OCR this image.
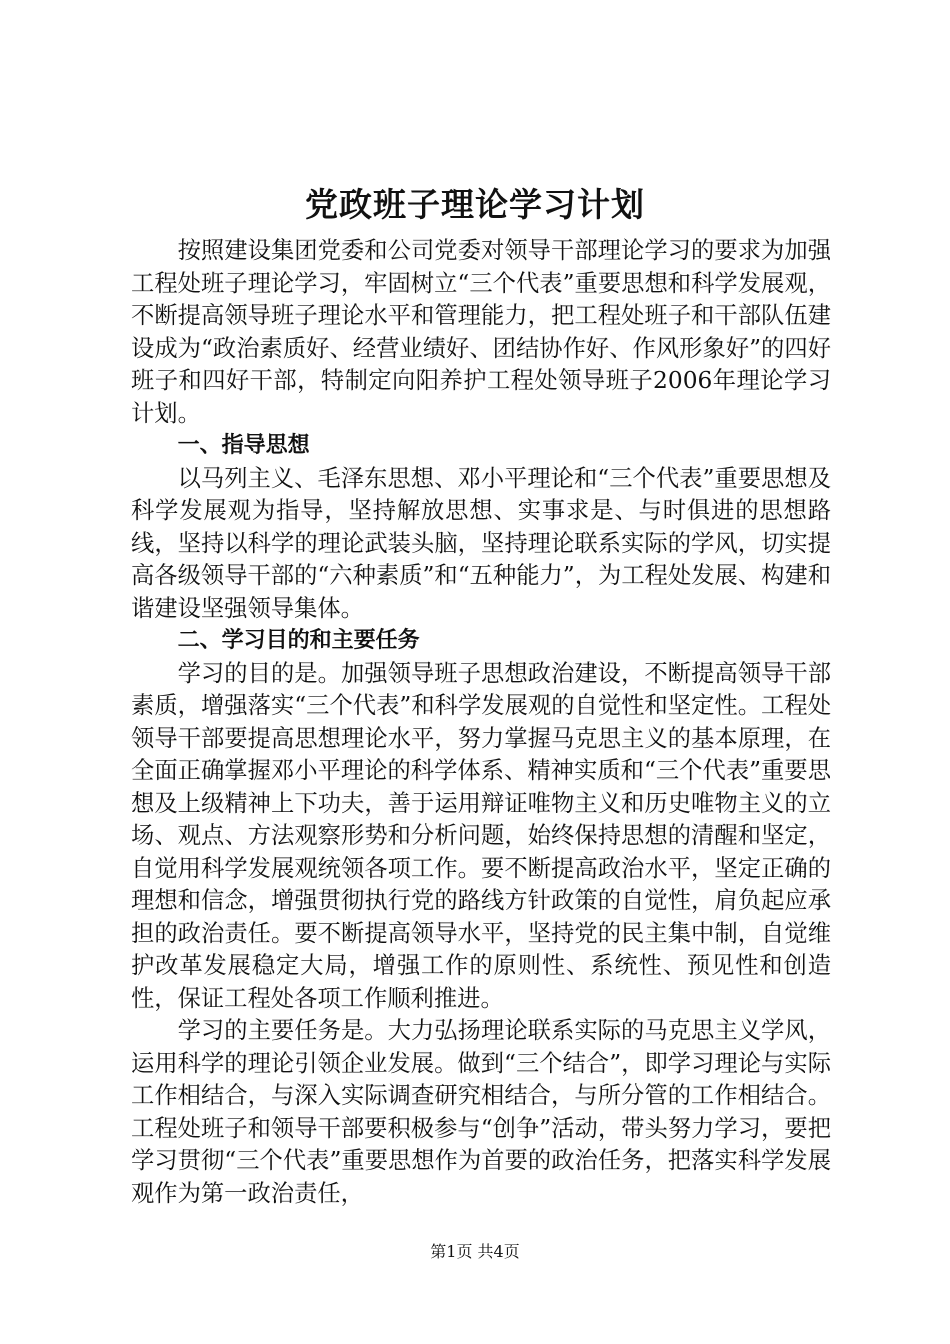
党政班子理论学习计划

按照建设集团党委和公司党委对领导干部理论学习的要求为加强工程处班子理论学习，牢固树立“三个代表”重要思想和科学发展观，不断提高领导班子理论水平和管理能力，把工程处班子和干部队伍建设成为“政治素质好、经营业绩好、团结协作好、作风形象好”的四好班子和四好干部，特制定向阳养护工程处领导班子2006年理论学习计划。

一、指导思想

以马列主义、毛泽东思想、邓小平理论和“三个代表”重要思想及科学发展观为指导，坚持解放思想、实事求是、与时俱进的思想路线，坚持以科学的理论武装头脑，坚持理论联系实际的学风，切实提高各级领导干部的“六种素质”和“五种能力”，为工程处发展、构建和谐建设坚强领导集体。

二、学习目的和主要任务

学习的目的是。加强领导班子思想政治建设，不断提高领导干部素质，增强落实“三个代表”和科学发展观的自觉性和坚定性。工程处领导干部要提高思想理论水平，努力掌握马克思主义的基本原理，在全面正确掌握邓小平理论的科学体系、精神实质和“三个代表”重要思想及上级精神上下功夫，善于运用辩证唯物主义和历史唯物主义的立场、观点、方法观察形势和分析问题，始终保持思想的清醒和坚定，自觉用科学发展观统领各项工作。要不断提高政治水平，坚定正确的理想和信念，增强贯彻执行党的路线方针政策的自觉性，肩负起应承担的政治责任。要不断提高领导水平，坚持党的民主集中制，自觉维护改革发展稳定大局，增强工作的原则性、系统性、预见性和创造性，保证工程处各项工作顺利推进。

学习的主要任务是。大力弘扬理论联系实际的马克思主义学风，运用科学的理论引领企业发展。做到“三个结合”，即学习理论与实际工作相结合，与深入实际调查研究相结合，与所分管的工作相结合。工程处班子和领导干部要积极参与“创争”活动，带头努力学习，要把学习贯彻“三个代表”重要思想作为首要的政治任务，把落实科学发展观作为第一政治责任，

第1页 共4页
